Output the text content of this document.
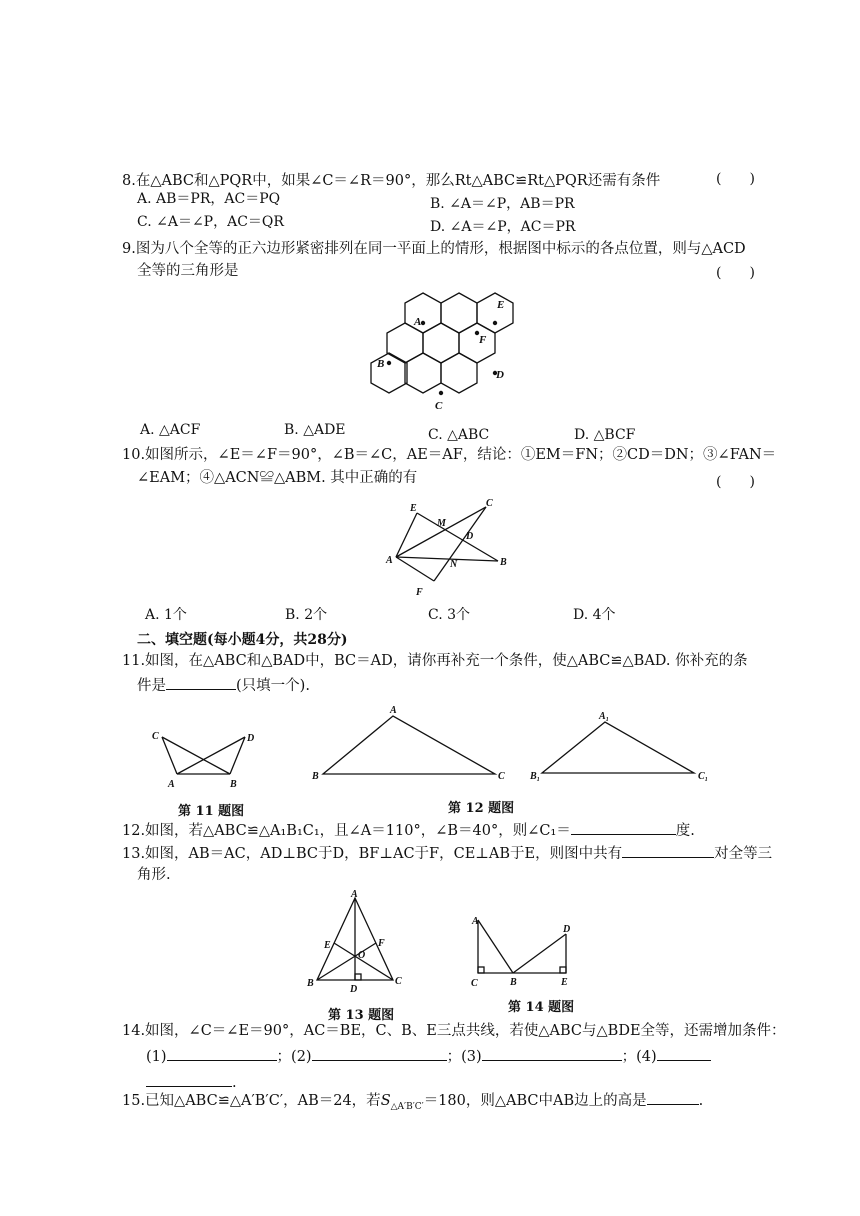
8.在△ABC和△PQR中，如果∠C＝∠R＝90°，那么Rt△ABC≌Rt△PQR还需有条件	(　　)
A. AB＝PR，AC＝PQ	B. ∠A＝∠P，AB＝PR
C. ∠A＝∠P，AC＝QR	D. ∠A＝∠P，AC＝PR
9.图为八个全等的正六边形紧密排列在同一平面上的情形，根据图中标示的各点位置，则与△ACD
全等的三角形是	(　　)
A
B
C
D
E
F
A. △ACF	B. △ADE	C. △ABC	D. △BCF
10.如图所示，∠E＝∠F＝90°，∠B＝∠C，AE＝AF，结论：①EM＝FN；②CD＝DN；③∠FAN＝
∠EAM；④△ACN≌△ABM. 其中正确的有	(　　)
E
M
C
D
A	N	B
F
A. 1个	B. 2个	C. 3个	D. 4个
二、填空题(每小题4分，共28分)
11.如图，在△ABC和△BAD中，BC＝AD，请你再补充一个条件，使△ABC≌△BAD. 你补充的条
件是	(只填一个).
C	D
A	B
第 11 题图
A
B	C
A₁
B₁	C₁
第 12 题图
12.如图，若△ABC≌△A₁B₁C₁，且∠A＝110°，∠B＝40°，则∠C₁＝	度.
13.如图，AB＝AC，AD⊥BC于D，BF⊥AC于F，CE⊥AB于E，则图中共有	对全等三
角形.
A
E	F
O
B
D
C
第 13 题图
A
D
C	B	E
第 14 题图
14.如图，∠C＝∠E＝90°，AC＝BE，C、B、E三点共线，若使△ABC与△BDE全等，还需增加条件：
(1)	；(2)	；(3)	；(4)
.
15.已知△ABC≌△A′B′C′，AB＝24，若$S_{\triangle A'B'C'}=180$，则△ABC中AB边上的高是	.
